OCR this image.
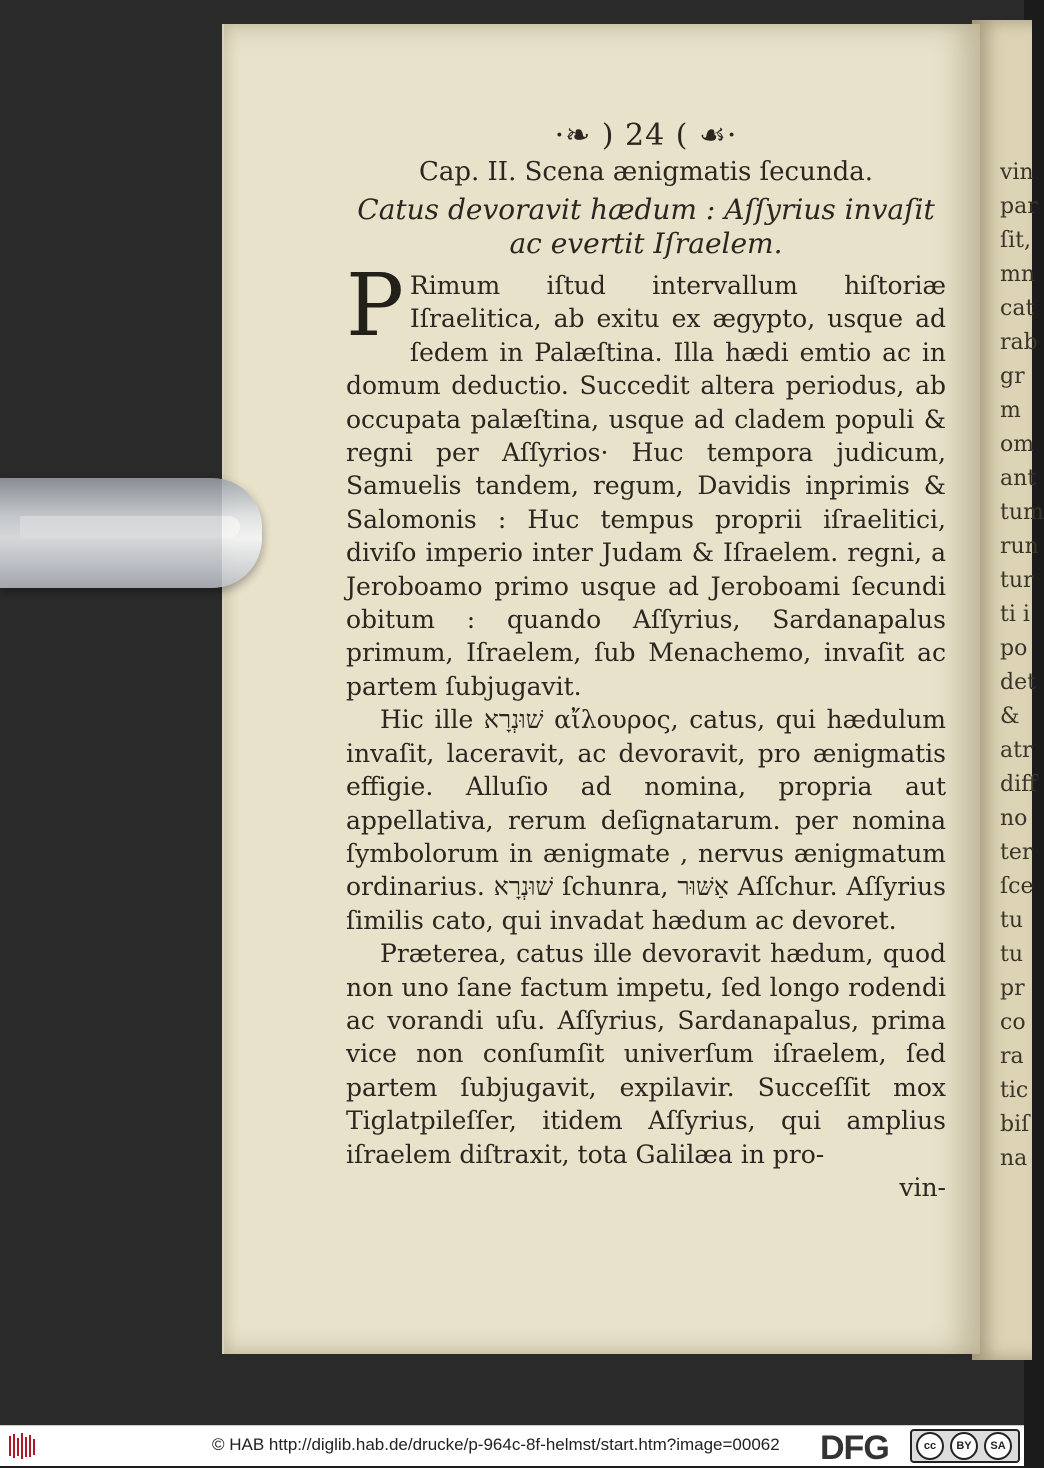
vin
par
ſit,
mn
cat
rab
gr
m
om
ant
tum
run
tur
ti i
po
det
&
atr
diff
no
ter
ſce
tu
tu
pr
co
ra
tic
biſ
na
·❧ ) 24 ( ☙·
Cap. II. Scena ænigmatis ſecunda.
Catus devoravit hædum : Aſſyrius invaſit ac evertit Iſraelem.

P Rimum iſtud intervallum hiſtoriæ Iſraelitica, ab exitu ex ægypto, usque ad ſedem in Palæſtina. Illa hædi emtio ac in domum deductio. Succedit altera periodus, ab occupata palæſtina, usque ad cladem populi & regni per Aſſyrios· Huc tempora judicum, Samuelis tandem, regum, Davidis inprimis & Salomonis : Huc tempus proprii iſraelitici, diviſo imperio inter Judam & Iſraelem. regni, a Jeroboamo primo usque ad Jeroboami ſecundi obitum : quando Aſſyrius, Sardanapalus primum, Iſraelem, ſub Menachemo, invaſit ac partem ſubjugavit.

Hic ille שׁוּנְרָא αἴλουρος, catus, qui hædulum invaſit, laceravit, ac devoravit, pro ænigmatis effigie. Alluſio ad nomina, propria aut appellativa, rerum deſignatarum. per nomina ſymbolorum in ænigmate , nervus ænigmatum ordinarius. שׁוּנְרָא ſchunra, אַשּׁוּר Aſſchur. Aſſyrius ſimilis cato, qui invadat hædum ac devoret.

Præterea, catus ille devoravit hædum, quod non uno ſane factum impetu, ſed longo rodendi ac vorandi uſu. Aſſyrius, Sardanapalus, prima vice non conſumſit univerſum iſraelem, ſed partem ſubjugavit, expilavir. Succeſſit mox Tiglatpileſſer, itidem Aſſyrius, qui amplius iſraelem diſtraxit, tota Galilæa in pro-

vin-

© HAB http://diglib.hab.de/drucke/p-964c-8f-helmst/start.htm?image=00062 DFG	cc	BY	SA
